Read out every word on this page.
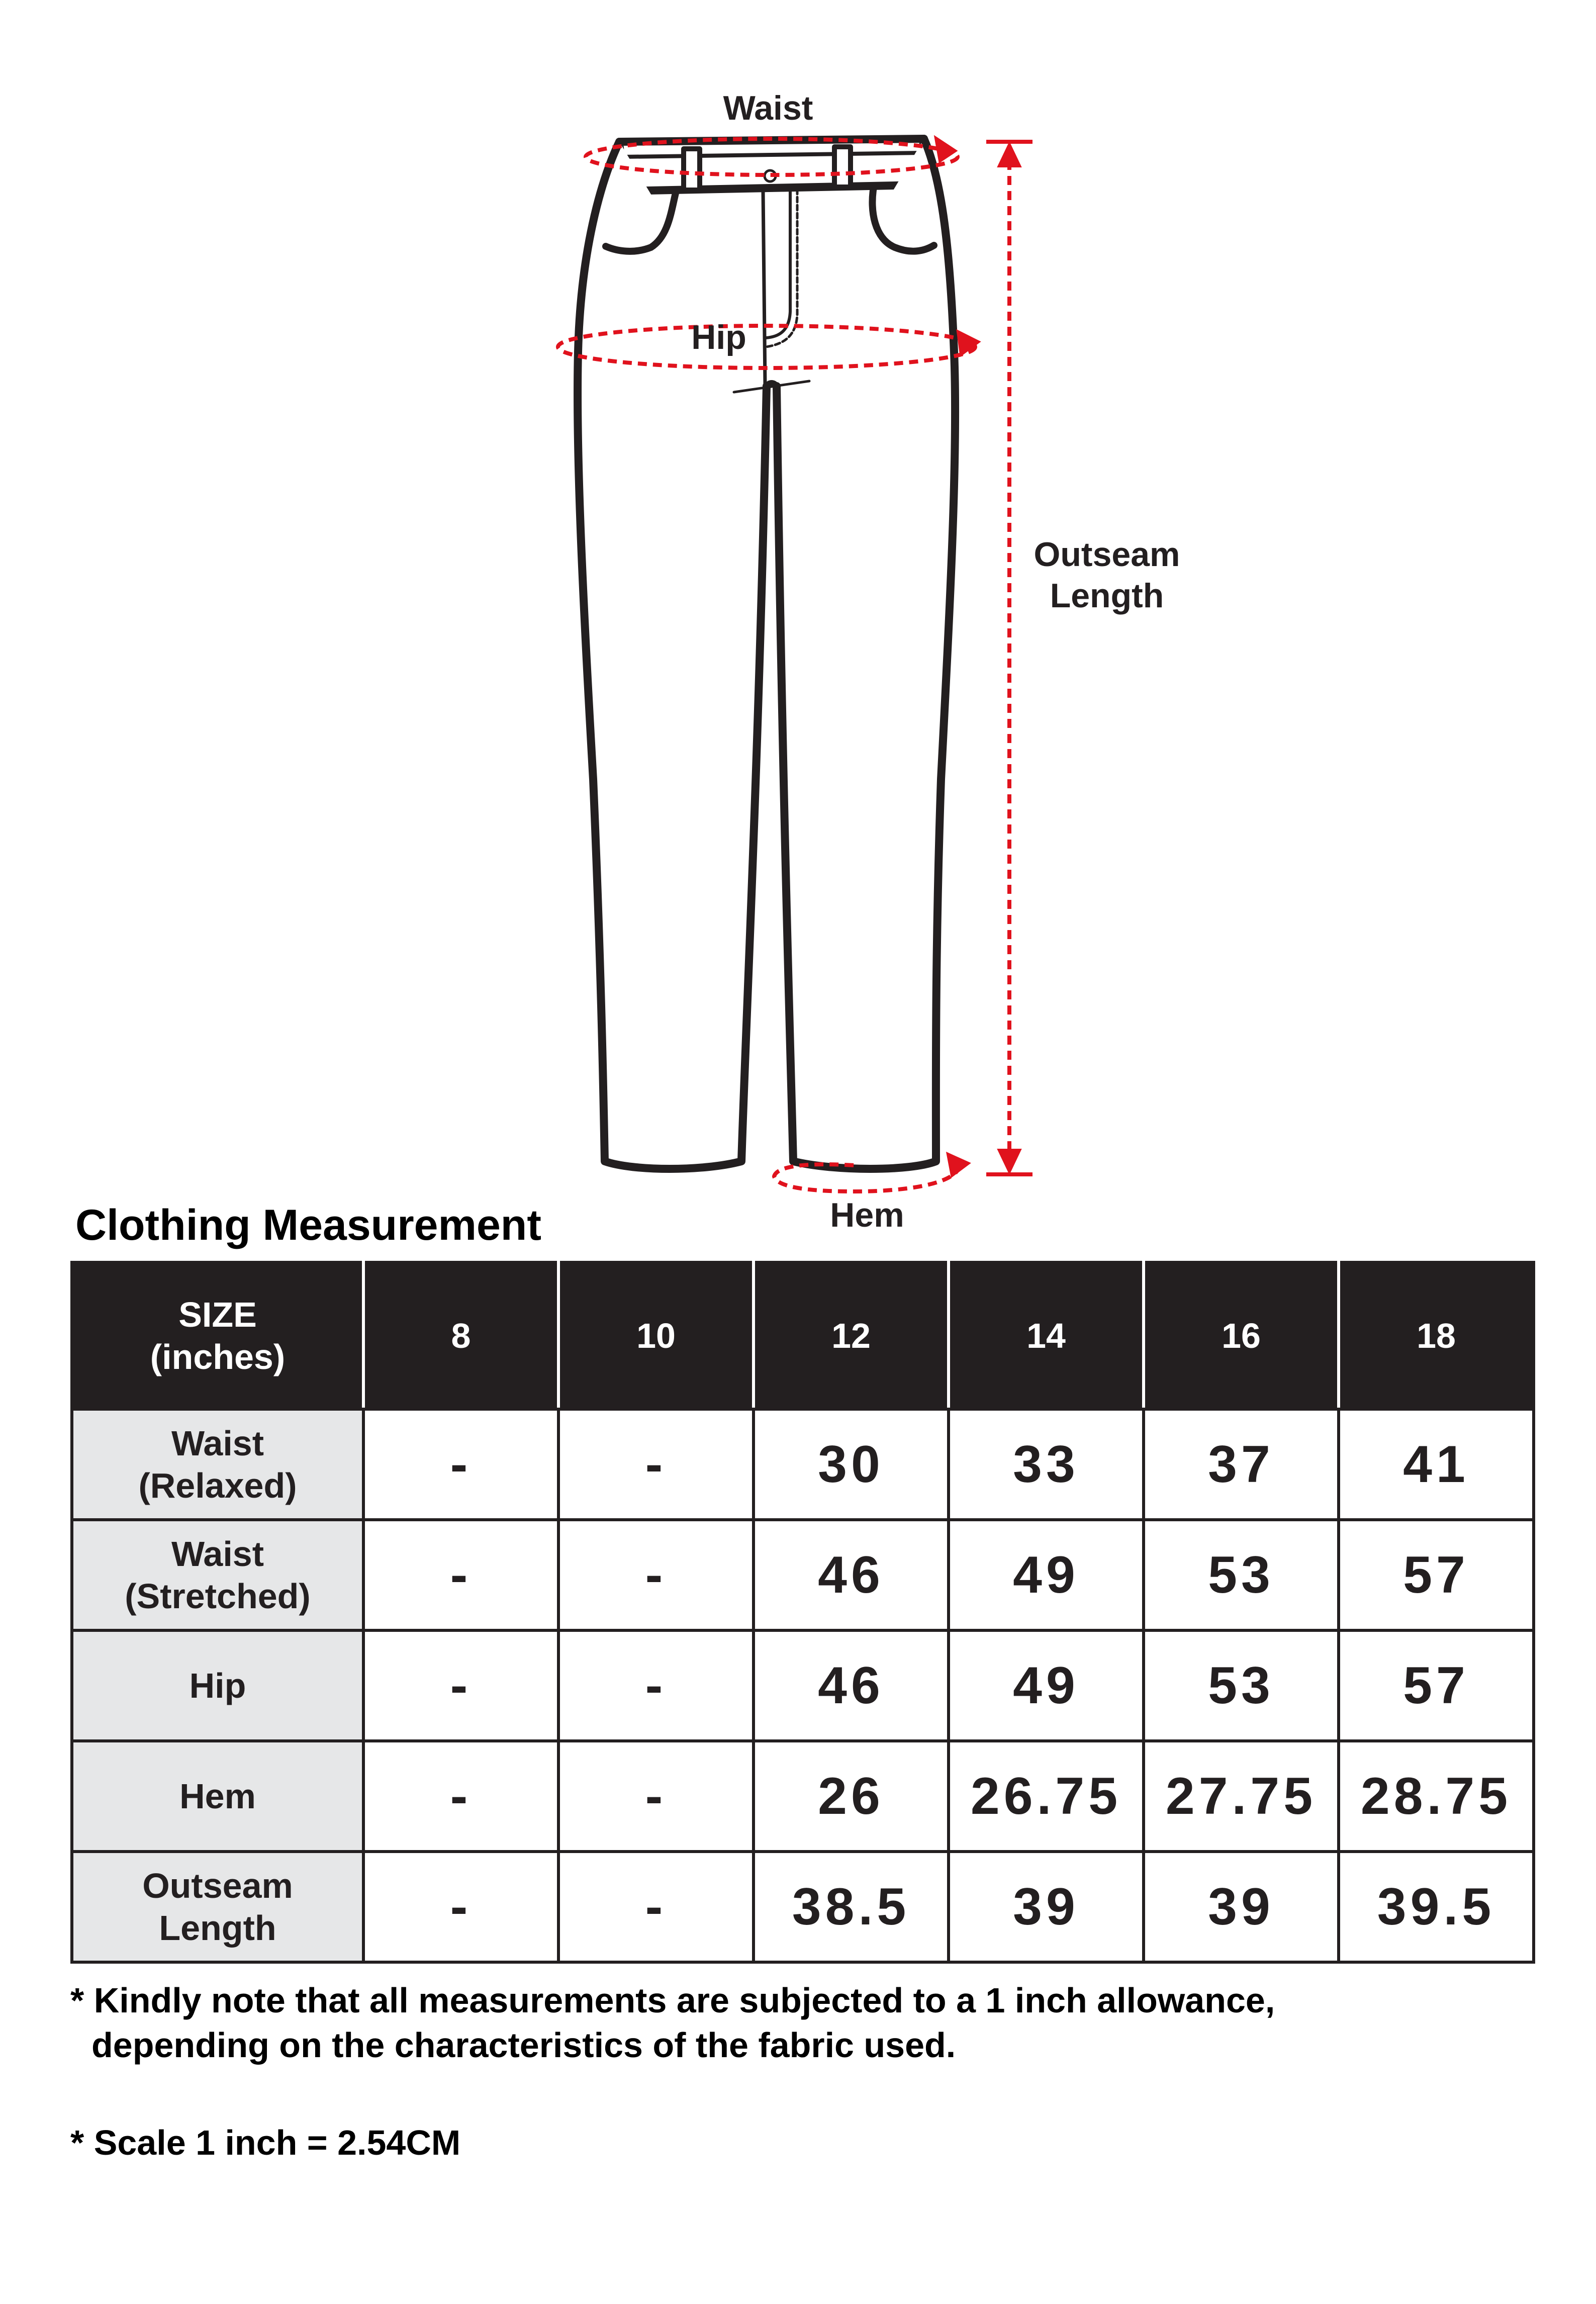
Waist
Hip
Outseam
Length
Hem
Clothing Measurement
SIZE
(inches)	8	10	12	14	16	18

Waist
(Relaxed)	-	-	30	33	37	41

Waist
(Stretched)	-	-	46	49	53	57

Hip	-	-	46	49	53	57

Hem	-	-	26	26.75	27.75	28.75

Outseam
Length	-	-	38.5	39	39	39.5
* Kindly note that all measurements are subjected to a 1 inch allowance,
depending on the characteristics of the fabric used.
* Scale 1 inch = 2.54CM
